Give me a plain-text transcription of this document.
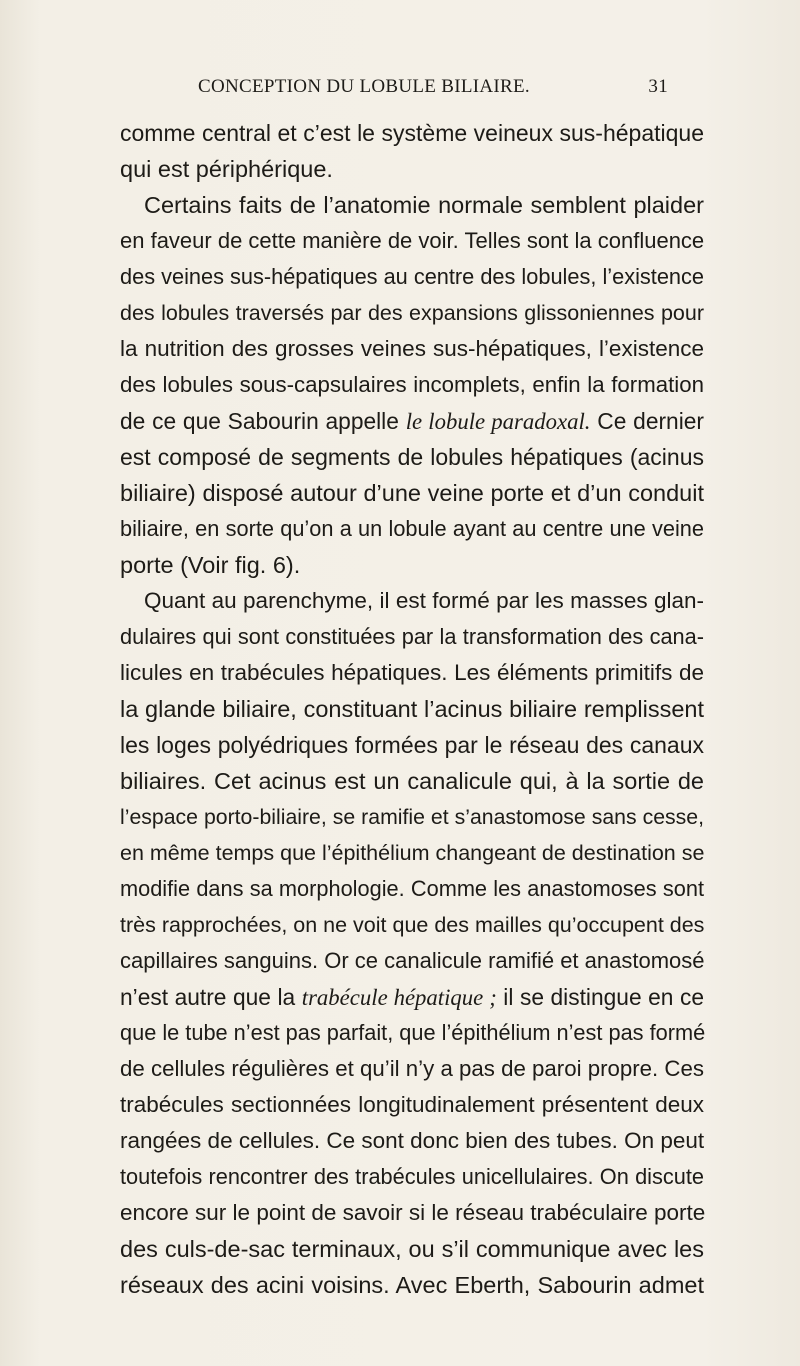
CONCEPTION DU LOBULE BILIAIRE.	31
comme central et c’est le système veineux sus-hépatique
qui est périphérique.
Certains faits de l’anatomie normale semblent plaider
en faveur de cette manière de voir. Telles sont la confluence
des veines sus-hépatiques au centre des lobules, l’existence
des lobules traversés par des expansions glissoniennes pour
la nutrition des grosses veines sus-hépatiques, l’existence
des lobules sous-capsulaires incomplets, enfin la formation
de ce que Sabourin appelle le lobule paradoxal. Ce dernier
est composé de segments de lobules hépatiques (acinus
biliaire) disposé autour d’une veine porte et d’un conduit
biliaire, en sorte qu’on a un lobule ayant au centre une veine
porte (Voir fig. 6).
Quant au parenchyme, il est formé par les masses glan-
dulaires qui sont constituées par la transformation des cana-
licules en trabécules hépatiques. Les éléments primitifs de
la glande biliaire, constituant l’acinus biliaire remplissent
les loges polyédriques formées par le réseau des canaux
biliaires. Cet acinus est un canalicule qui, à la sortie de
l’espace porto-biliaire, se ramifie et s’anastomose sans cesse,
en même temps que l’épithélium changeant de destination se
modifie dans sa morphologie. Comme les anastomoses sont
très rapprochées, on ne voit que des mailles qu’occupent des
capillaires sanguins. Or ce canalicule ramifié et anastomosé
n’est autre que la trabécule hépatique ; il se distingue en ce
que le tube n’est pas parfait, que l’épithélium n’est pas formé
de cellules régulières et qu’il n’y a pas de paroi propre. Ces
trabécules sectionnées longitudinalement présentent deux
rangées de cellules. Ce sont donc bien des tubes. On peut
toutefois rencontrer des trabécules unicellulaires. On discute
encore sur le point de savoir si le réseau trabéculaire porte
des culs-de-sac terminaux, ou s’il communique avec les
réseaux des acini voisins. Avec Eberth, Sabourin admet
